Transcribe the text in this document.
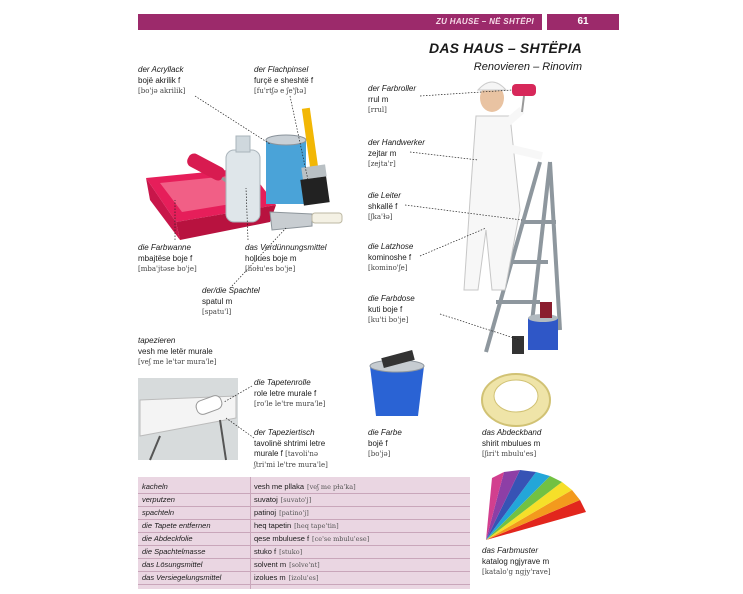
ZU HAUSE – NË SHTËPI	61
DAS HAUS – SHTËPIA
Renovieren – Rinovim
der Acryllack
bojë akrilik f
[bo'jə akrilik]
der Flachpinsel
furçë e sheshtë f
[fu'rtʃə e ʃe'ʃtə]	der Farbroller
rrul m
[rrul]
der Handwerker
zejtar m
[zejta'r]
die Leiter
shkallë f
[ʃka'ɫə]
die Latzhose
kominoshe f
[komino'ʃe]
die Farbdose
kuti boje f
[ku'ti bo'je]
die Farbwanne
mbajtëse boje f
[mba'jtəse bo'je]
das Verdünnungsmittel
hollues boje m
[hoɫu'es bo'je]
der/die Spachtel
spatul m
[spatu'l]
tapezieren
vesh me letër murale
[veʃ me le'tər mura'le]
die Tapetenrolle
role letre murale f
[ro'le le'tre mura'le]
der Tapeziertisch
tavolinë shtrimi letre
murale f [tavoli'nə
ʃtri'mi le'tre mura'le]
die Farbe
bojë f
[bo'jə]
das Abdeckband
shirit mbulues m
[ʃiri't mbulu'es]
das Farbmuster
katalog ngjyrave m
[katalo'g ngjy'rave]
kacheln	vesh me pllaka [veʃ me pɫa'ka]
verputzen	suvatoj [suvato'j]
spachteln	patinoj [patino'j]
die Tapete entfernen	heq tapetin [heq tape'tin]
die Abdeckfolie	qese mbuluese f [ce'se mbulu'ese]
die Spachtelmasse	stuko f [stuko]
das Lösungsmittel	solvent m [solve'nt]
das Versiegelungsmittel	izolues m [izolu'es]
